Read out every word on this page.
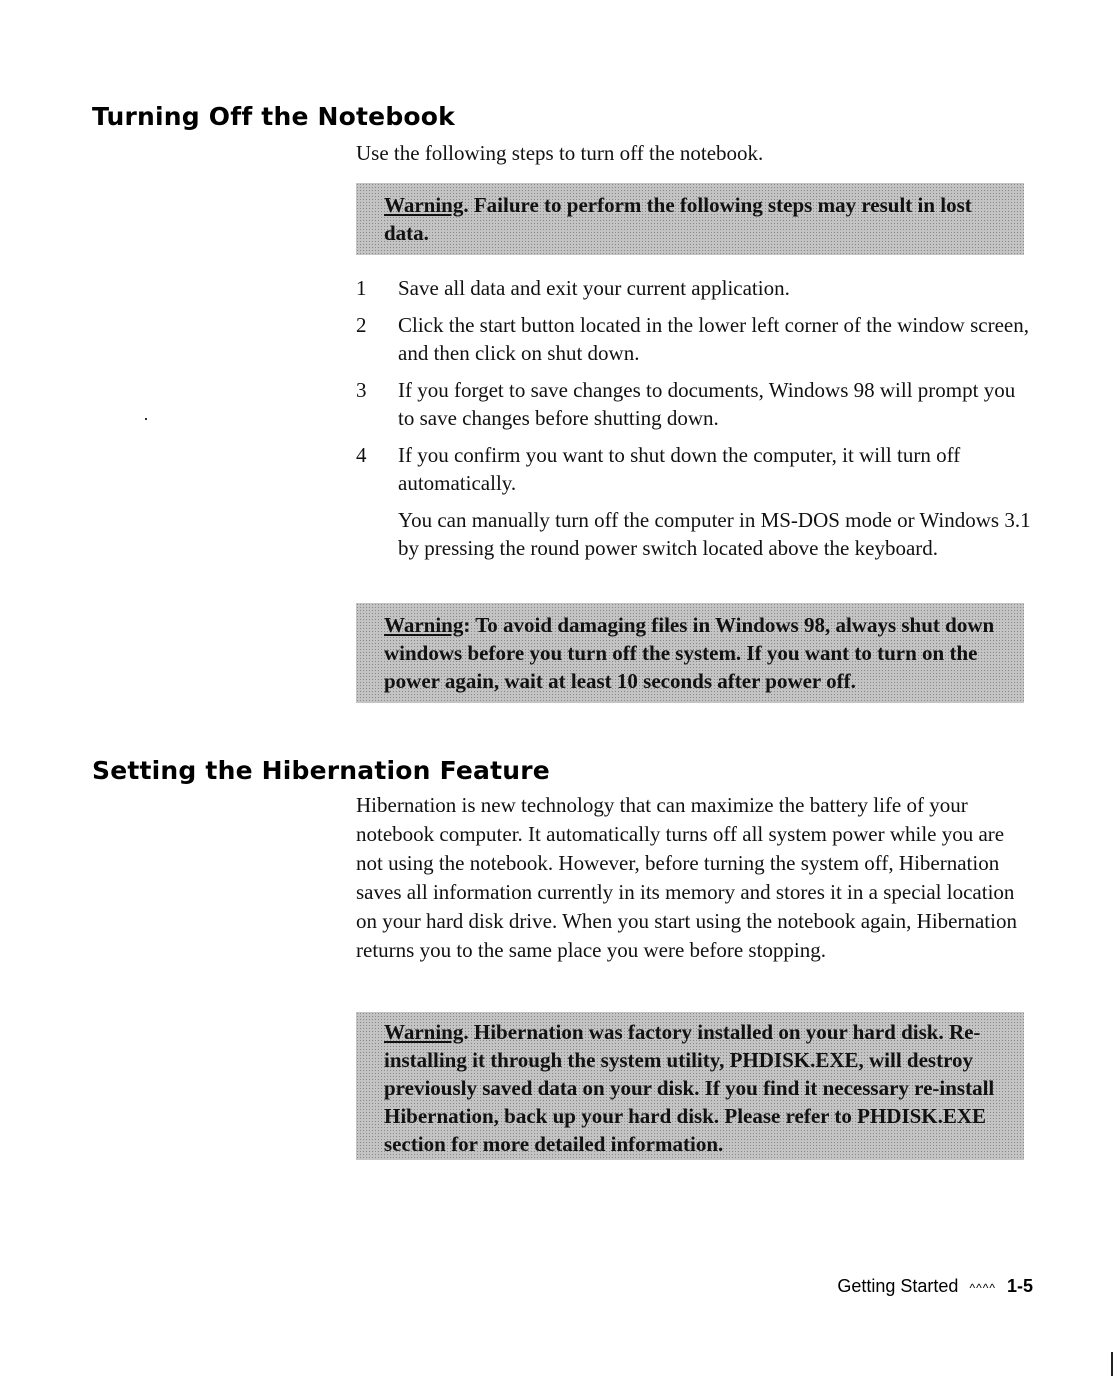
Turning Off the Notebook

Use the following steps to turn off the notebook.

Warning. Failure to perform the following steps may result in lost data.
1 Save all data and exit your current application.
2 Click the start button located in the lower left corner of the window screen, and then click on shut down.
3 If you forget to save changes to documents, Windows 98 will prompt you to save changes before shutting down.
4 If you confirm you want to shut down the computer, it will turn off automatically.
You can manually turn off the computer in MS-DOS mode or Windows 3.1 by pressing the round power switch located above the keyboard.
Warning: To avoid damaging files in Windows 98, always shut down windows before you turn off the system. If you want to turn on the power again, wait at least 10 seconds after power off.
Setting the Hibernation Feature

Hibernation is new technology that can maximize the battery life of your notebook computer. It automatically turns off all system power while you are not using the notebook. However, before turning the system off, Hibernation saves all information currently in its memory and stores it in a special location on your hard disk drive. When you start using the notebook again, Hibernation returns you to the same place you were before stopping.

Warning. Hibernation was factory installed on your hard disk. Re-installing it through the system utility, PHDISK.EXE, will destroy previously saved data on your disk. If you find it necessary re-install Hibernation, back up your hard disk. Please refer to PHDISK.EXE section for more detailed information.
Getting Started ^^^^ 1-5
